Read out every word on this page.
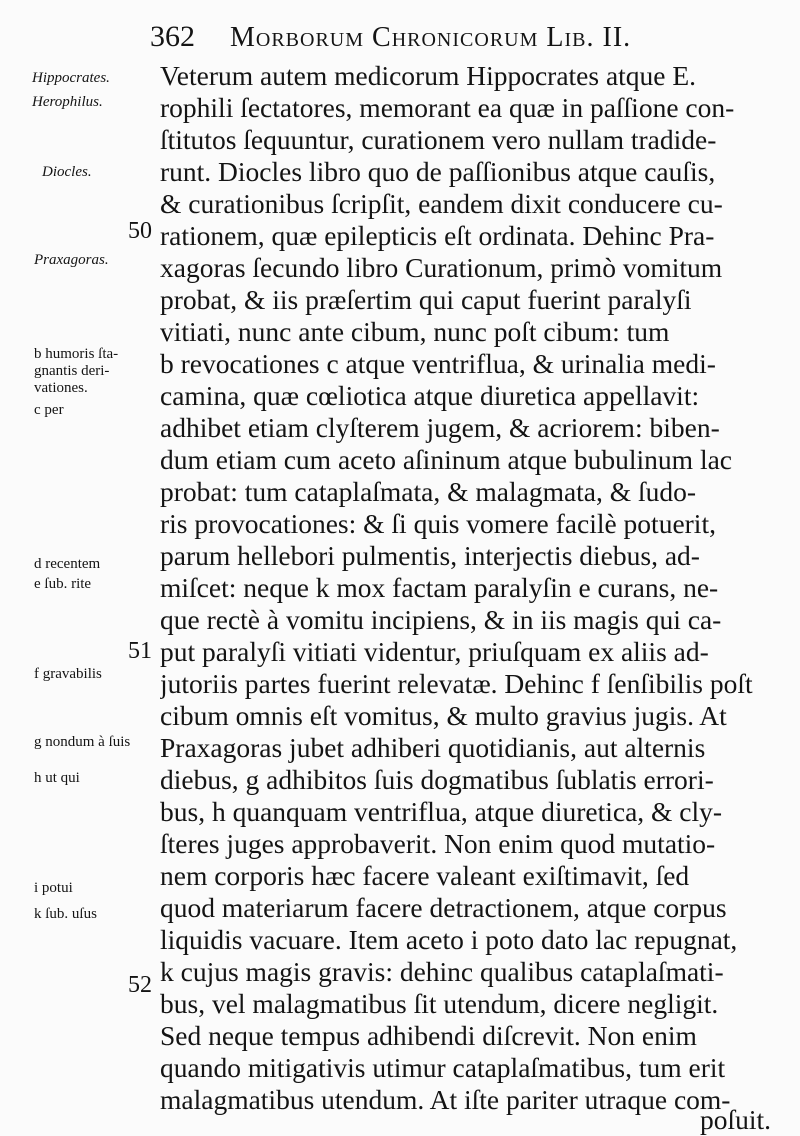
362 Morborum Chronicorum Lib. II.
Veterum autem medicorum Hippocrates atque E.
rophili ſectatores, memorant ea quæ in paſſione con-
ſtitutos ſequuntur, curationem vero nullam tradide-
runt. Diocles libro quo de paſſionibus atque cauſis,
& curationibus ſcripſit, eandem dixit conducere cu-
rationem, quæ epilepticis eſt ordinata. Dehinc Pra-
xagoras ſecundo libro Curationum, primò vomitum
probat, & iis præſertim qui caput fuerint paralyſi
vitiati, nunc ante cibum, nunc poſt cibum: tum
b revocationes c atque ventriflua, & urinalia medi-
camina, quæ cœliotica atque diuretica appellavit:
adhibet etiam clyſterem jugem, & acriorem: biben-
dum etiam cum aceto aſininum atque bubulinum lac
probat: tum cataplaſmata, & malagmata, & ſudo-
ris provocationes: & ſi quis vomere facilè potuerit,
parum hellebori pulmentis, interjectis diebus, ad-
miſcet: neque k mox factam paralyſin e curans, ne-
que rectè à vomitu incipiens, & in iis magis qui ca-
put paralyſi vitiati videntur, priuſquam ex aliis ad-
jutoriis partes fuerint relevatæ. Dehinc f ſenſibilis poſt
cibum omnis eſt vomitus, & multo gravius jugis. At
Praxagoras jubet adhiberi quotidianis, aut alternis
diebus, g adhibitos ſuis dogmatibus ſublatis errori-
bus, h quanquam ventriflua, atque diuretica, & cly-
ſteres juges approbaverit. Non enim quod mutatio-
nem corporis hæc facere valeant exiſtimavit, ſed
quod materiarum facere detractionem, atque corpus
liquidis vacuare. Item aceto i poto dato lac repugnat,
k cujus magis gravis: dehinc qualibus cataplaſmati-
bus, vel malagmatibus ſit utendum, dicere negligit.
Sed neque tempus adhibendi diſcrevit. Non enim
quando mitigativis utimur cataplaſmatibus, tum erit
malagmatibus utendum. At iſte pariter utraque com-
poſuit.
Hippocrates.
Herophilus.
Diocles.
50
Praxagoras.
b humoris ſta- gnantis deri- vationes.
c per
d recentem
e ſub. rite
51
f gravabilis
g nondum à ſuis
h ut qui
i potui
k ſub. uſus
52
